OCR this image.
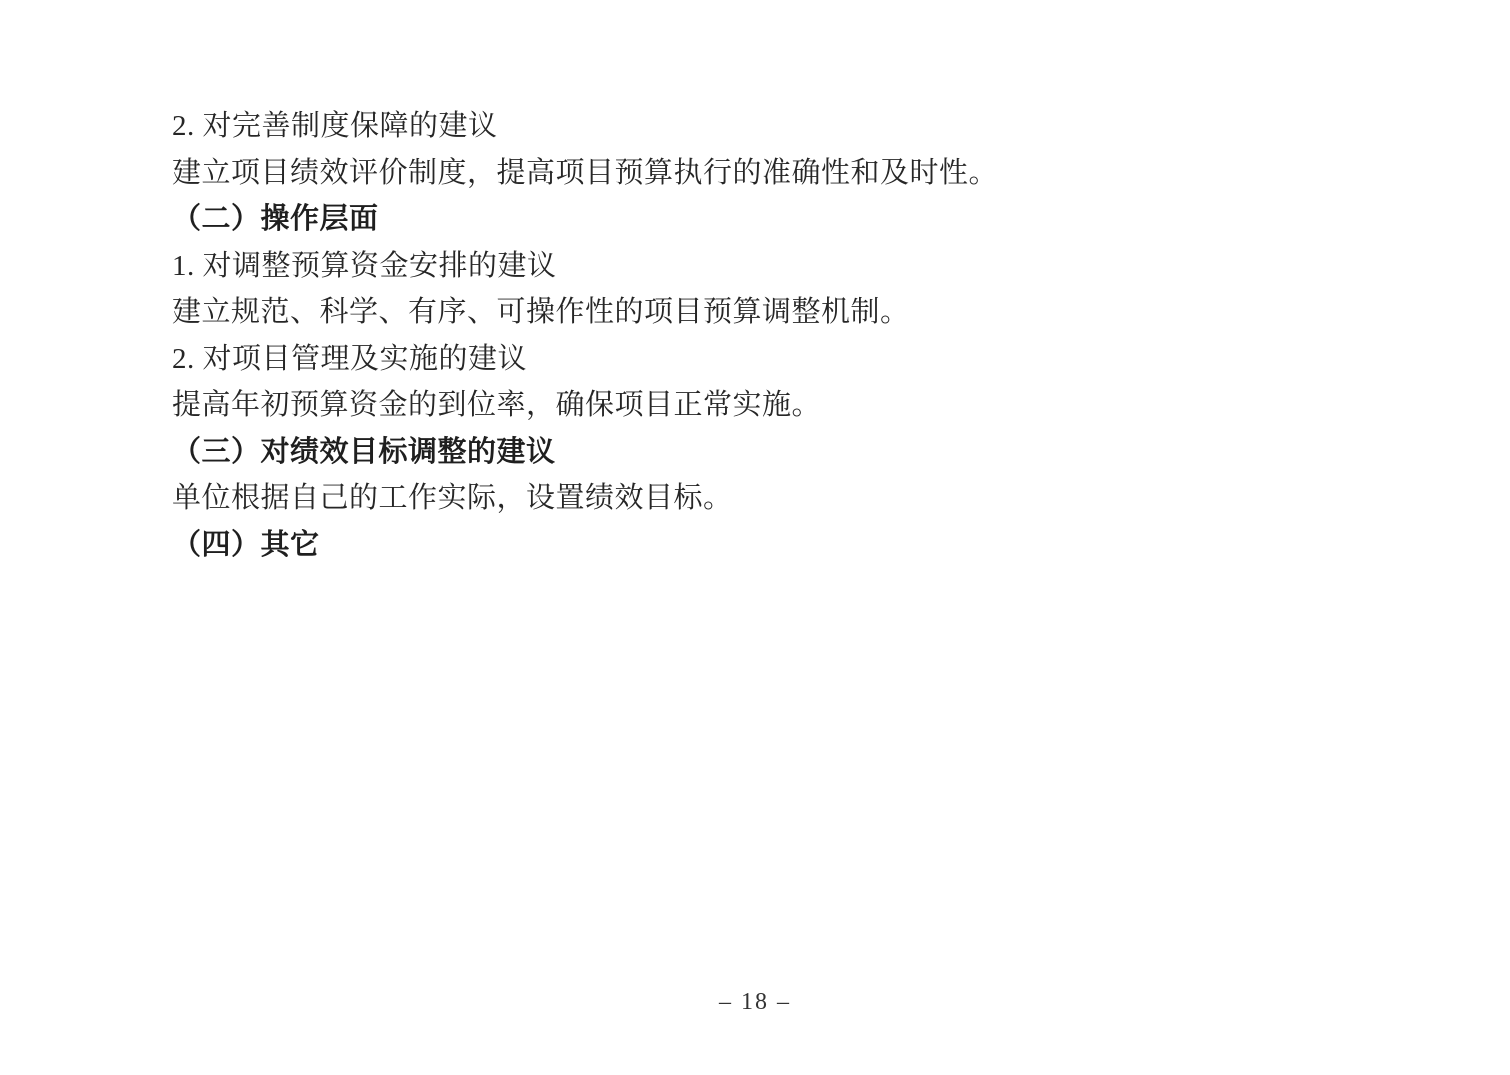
2. 对完善制度保障的建议

建立项目绩效评价制度，提高项目预算执行的准确性和及时性。

（二）操作层面

1. 对调整预算资金安排的建议

建立规范、科学、有序、可操作性的项目预算调整机制。

2. 对项目管理及实施的建议

提高年初预算资金的到位率，确保项目正常实施。

（三）对绩效目标调整的建议

单位根据自己的工作实际，设置绩效目标。

（四）其它

– 18 –
